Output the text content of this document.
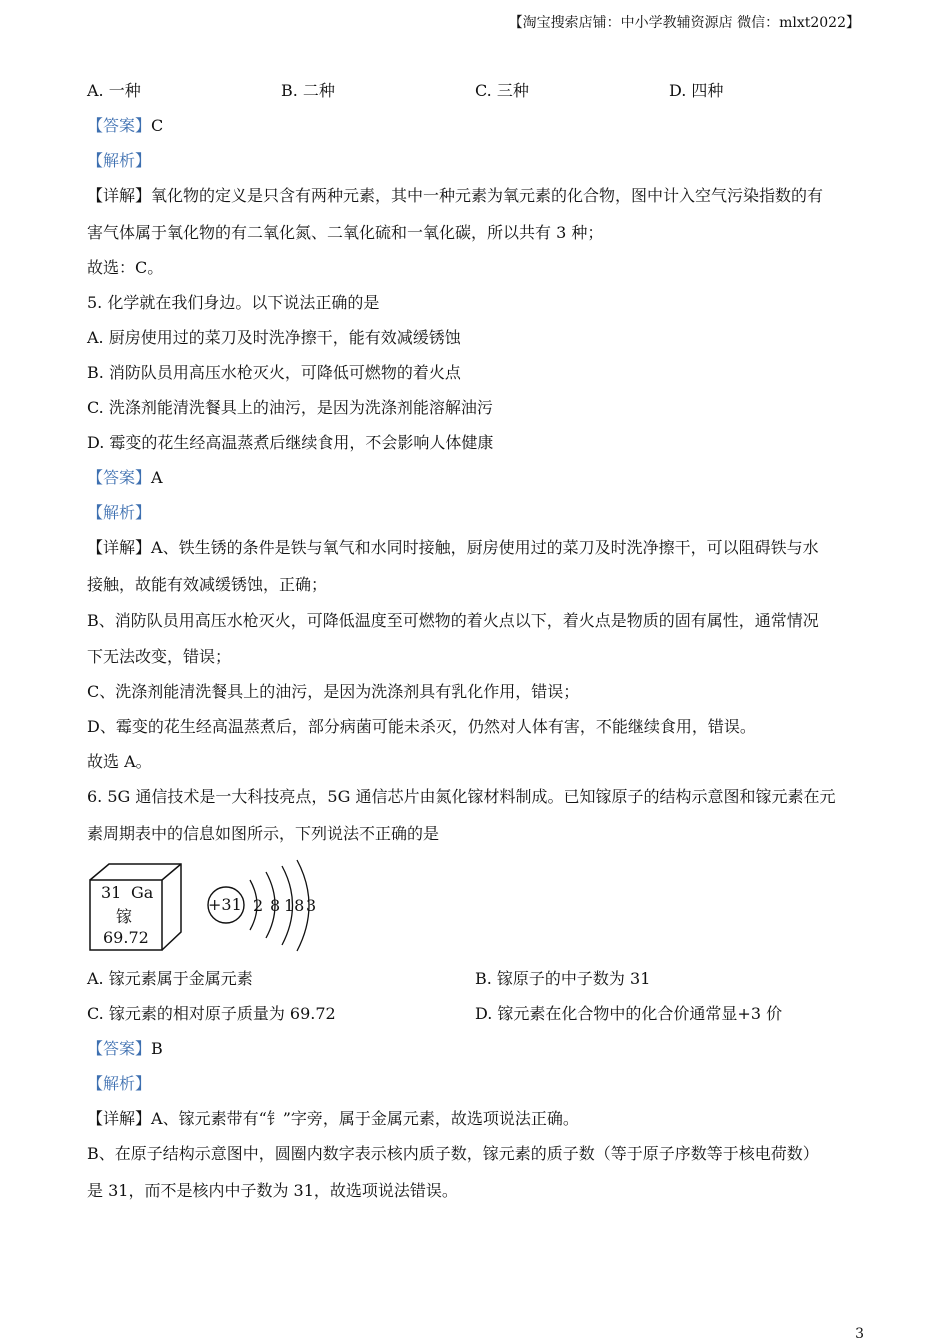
【淘宝搜索店铺：中小学教辅资源店 微信：mlxt2022】
A. 一种	B. 二种	C. 三种	D. 四种
【答案】C
【解析】
【详解】氧化物的定义是只含有两种元素，其中一种元素为氧元素的化合物，图中计入空气污染指数的有
害气体属于氧化物的有二氧化氮、二氧化硫和一氧化碳，所以共有 3 种；
故选：C。
5. 化学就在我们身边。以下说法正确的是
A. 厨房使用过的菜刀及时洗净擦干，能有效减缓锈蚀
B. 消防队员用高压水枪灭火，可降低可燃物的着火点
C. 洗涤剂能清洗餐具上的油污，是因为洗涤剂能溶解油污
D. 霉变的花生经高温蒸煮后继续食用，不会影响人体健康
【答案】A
【解析】
【详解】A、铁生锈的条件是铁与氧气和水同时接触，厨房使用过的菜刀及时洗净擦干，可以阻碍铁与水
接触，故能有效减缓锈蚀，正确；
B、消防队员用高压水枪灭火，可降低温度至可燃物的着火点以下，着火点是物质的固有属性，通常情况
下无法改变，错误；
C、洗涤剂能清洗餐具上的油污，是因为洗涤剂具有乳化作用，错误；
D、霉变的花生经高温蒸煮后，部分病菌可能未杀灭，仍然对人体有害，不能继续食用，错误。
故选 A。
6. 5G 通信技术是一大科技亮点，5G 通信芯片由氮化镓材料制成。已知镓原子的结构示意图和镓元素在元
素周期表中的信息如图所示，下列说法不正确的是
31 Ga
镓
69.72
+31 2 8 18 3
A. 镓元素属于金属元素	B. 镓原子的中子数为 31
C. 镓元素的相对原子质量为 69.72	D. 镓元素在化合物中的化合价通常显+3 价
【答案】B
【解析】
【详解】A、镓元素带有“钅”字旁，属于金属元素，故选项说法正确。
B、在原子结构示意图中，圆圈内数字表示核内质子数，镓元素的质子数（等于原子序数等于核电荷数）
是 31，而不是核内中子数为 31，故选项说法错误。
3
